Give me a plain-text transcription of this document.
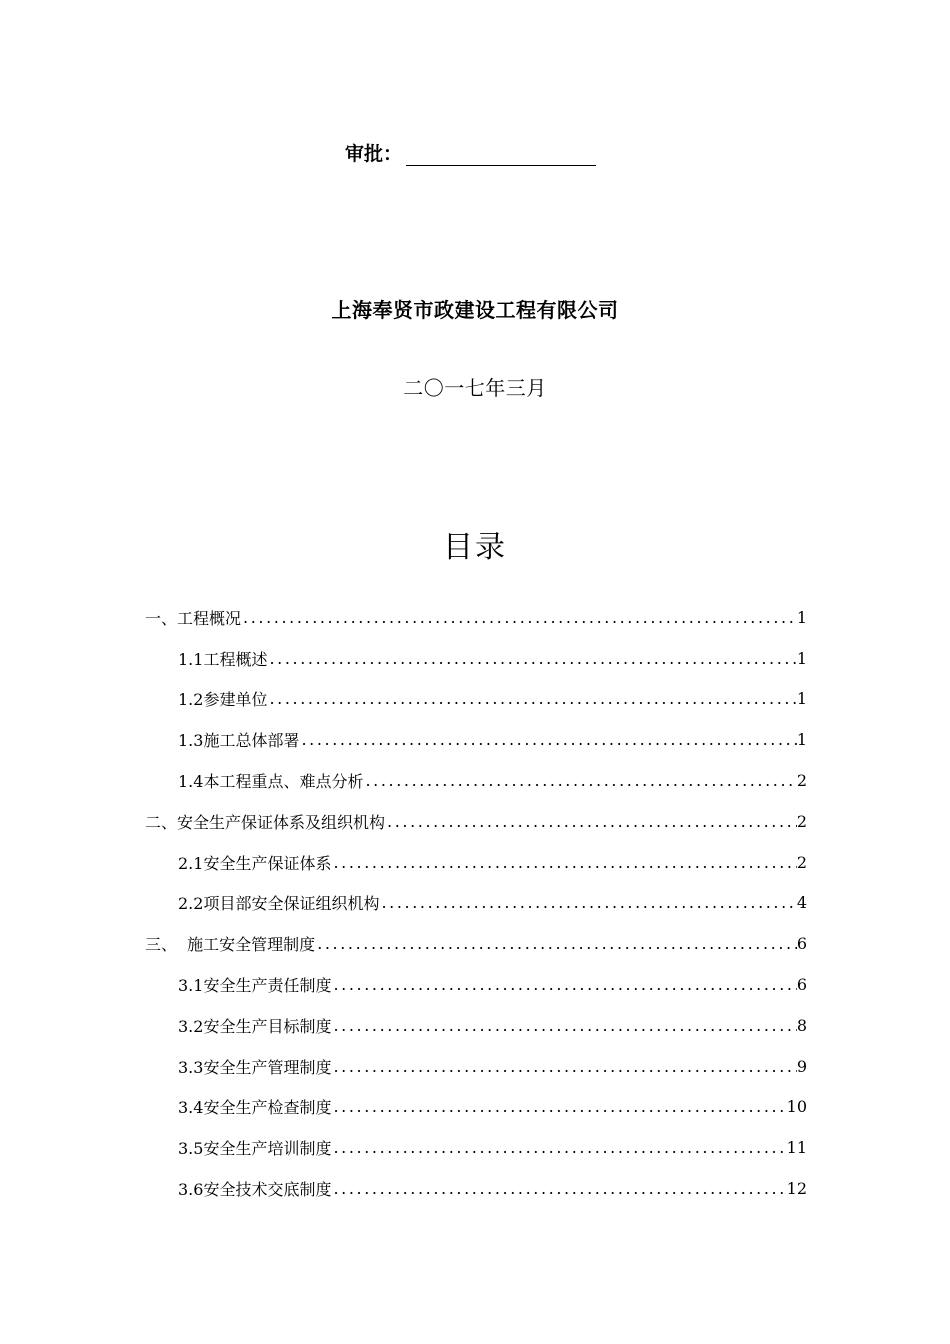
审批：
上海奉贤市政建设工程有限公司
二〇一七年三月
目录
一、工程概况 .....	1
1.1工程概述 .....	1
1.2参建单位 .....	1
1.3施工总体部署 .....	1
1.4本工程重点、难点分析 .....	2
二、安全生产保证体系及组织机构 .....	2
2.1安全生产保证体系 .....	2
2.2项目部安全保证组织机构 .....	4
三、  施工安全管理制度 .....	6
3.1安全生产责任制度 .....	6
3.2安全生产目标制度 .....	8
3.3安全生产管理制度 .....	9
3.4安全生产检查制度 .....	10
3.5安全生产培训制度 .....	11
3.6安全技术交底制度 .....	12
